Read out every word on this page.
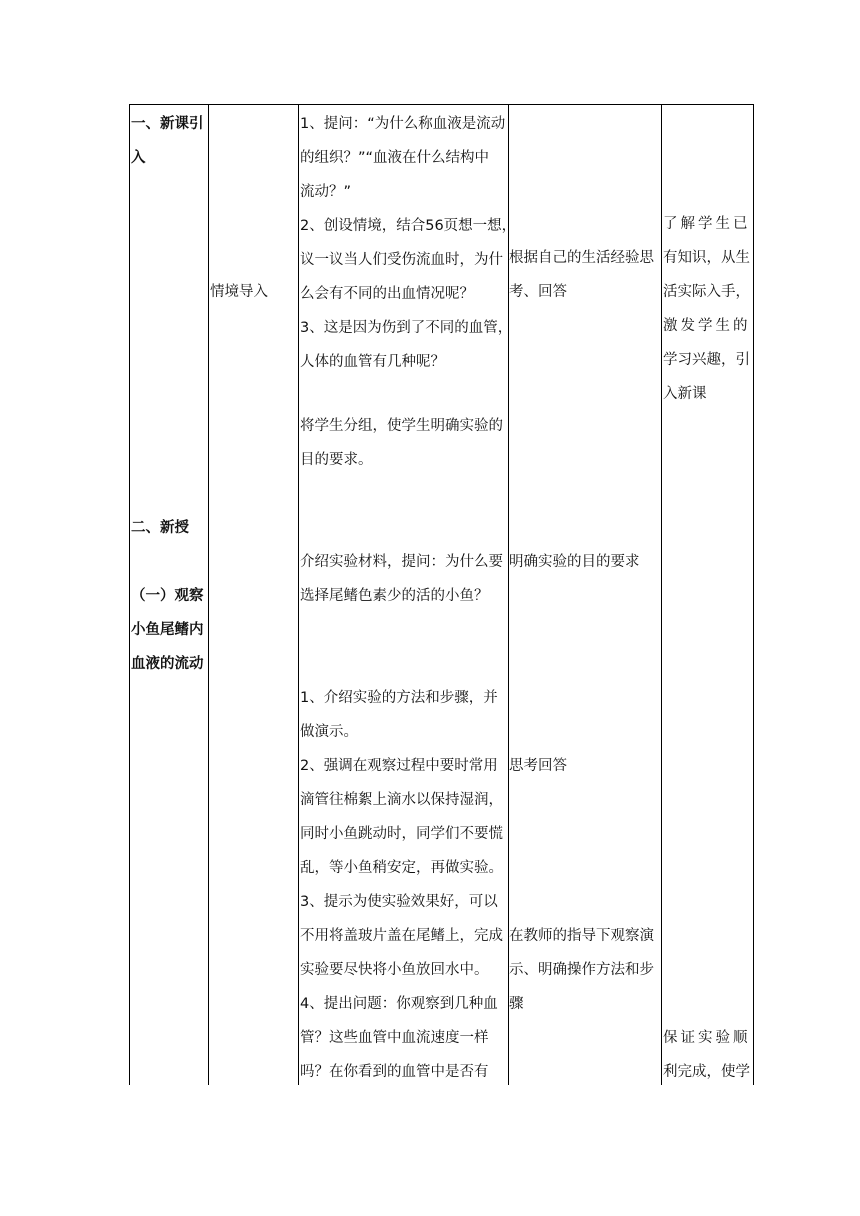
一、新课引
入
二、新授
（一）观察
小鱼尾鳍内
血液的流动
情境导入
1、提问：“为什么称血液是流动
的组织？”“血液在什么结构中
流动？”
2、创设情境，结合56页想一想，
议一议当人们受伤流血时，为什
么会有不同的出血情况呢？
3、这是因为伤到了不同的血管，
人体的血管有几种呢？
将学生分组，使学生明确实验的
目的要求。
介绍实验材料，提问：为什么要
选择尾鳍色素少的活的小鱼？
1、介绍实验的方法和步骤，并
做演示。
2、强调在观察过程中要时常用
滴管往棉絮上滴水以保持湿润，
同时小鱼跳动时，同学们不要慌
乱，等小鱼稍安定，再做实验。
3、提示为使实验效果好，可以
不用将盖玻片盖在尾鳍上，完成
实验要尽快将小鱼放回水中。
4、提出问题：你观察到几种血
管？这些血管中血流速度一样
吗？在你看到的血管中是否有
根据自己的生活经验思
考、回答
明确实验的目的要求
思考回答
在教师的指导下观察演
示、明确操作方法和步
骤
了解学生已
有知识，从生
活实际入手，
激发学生的
学习兴趣，引
入新课
保证实验顺
利完成，使学
